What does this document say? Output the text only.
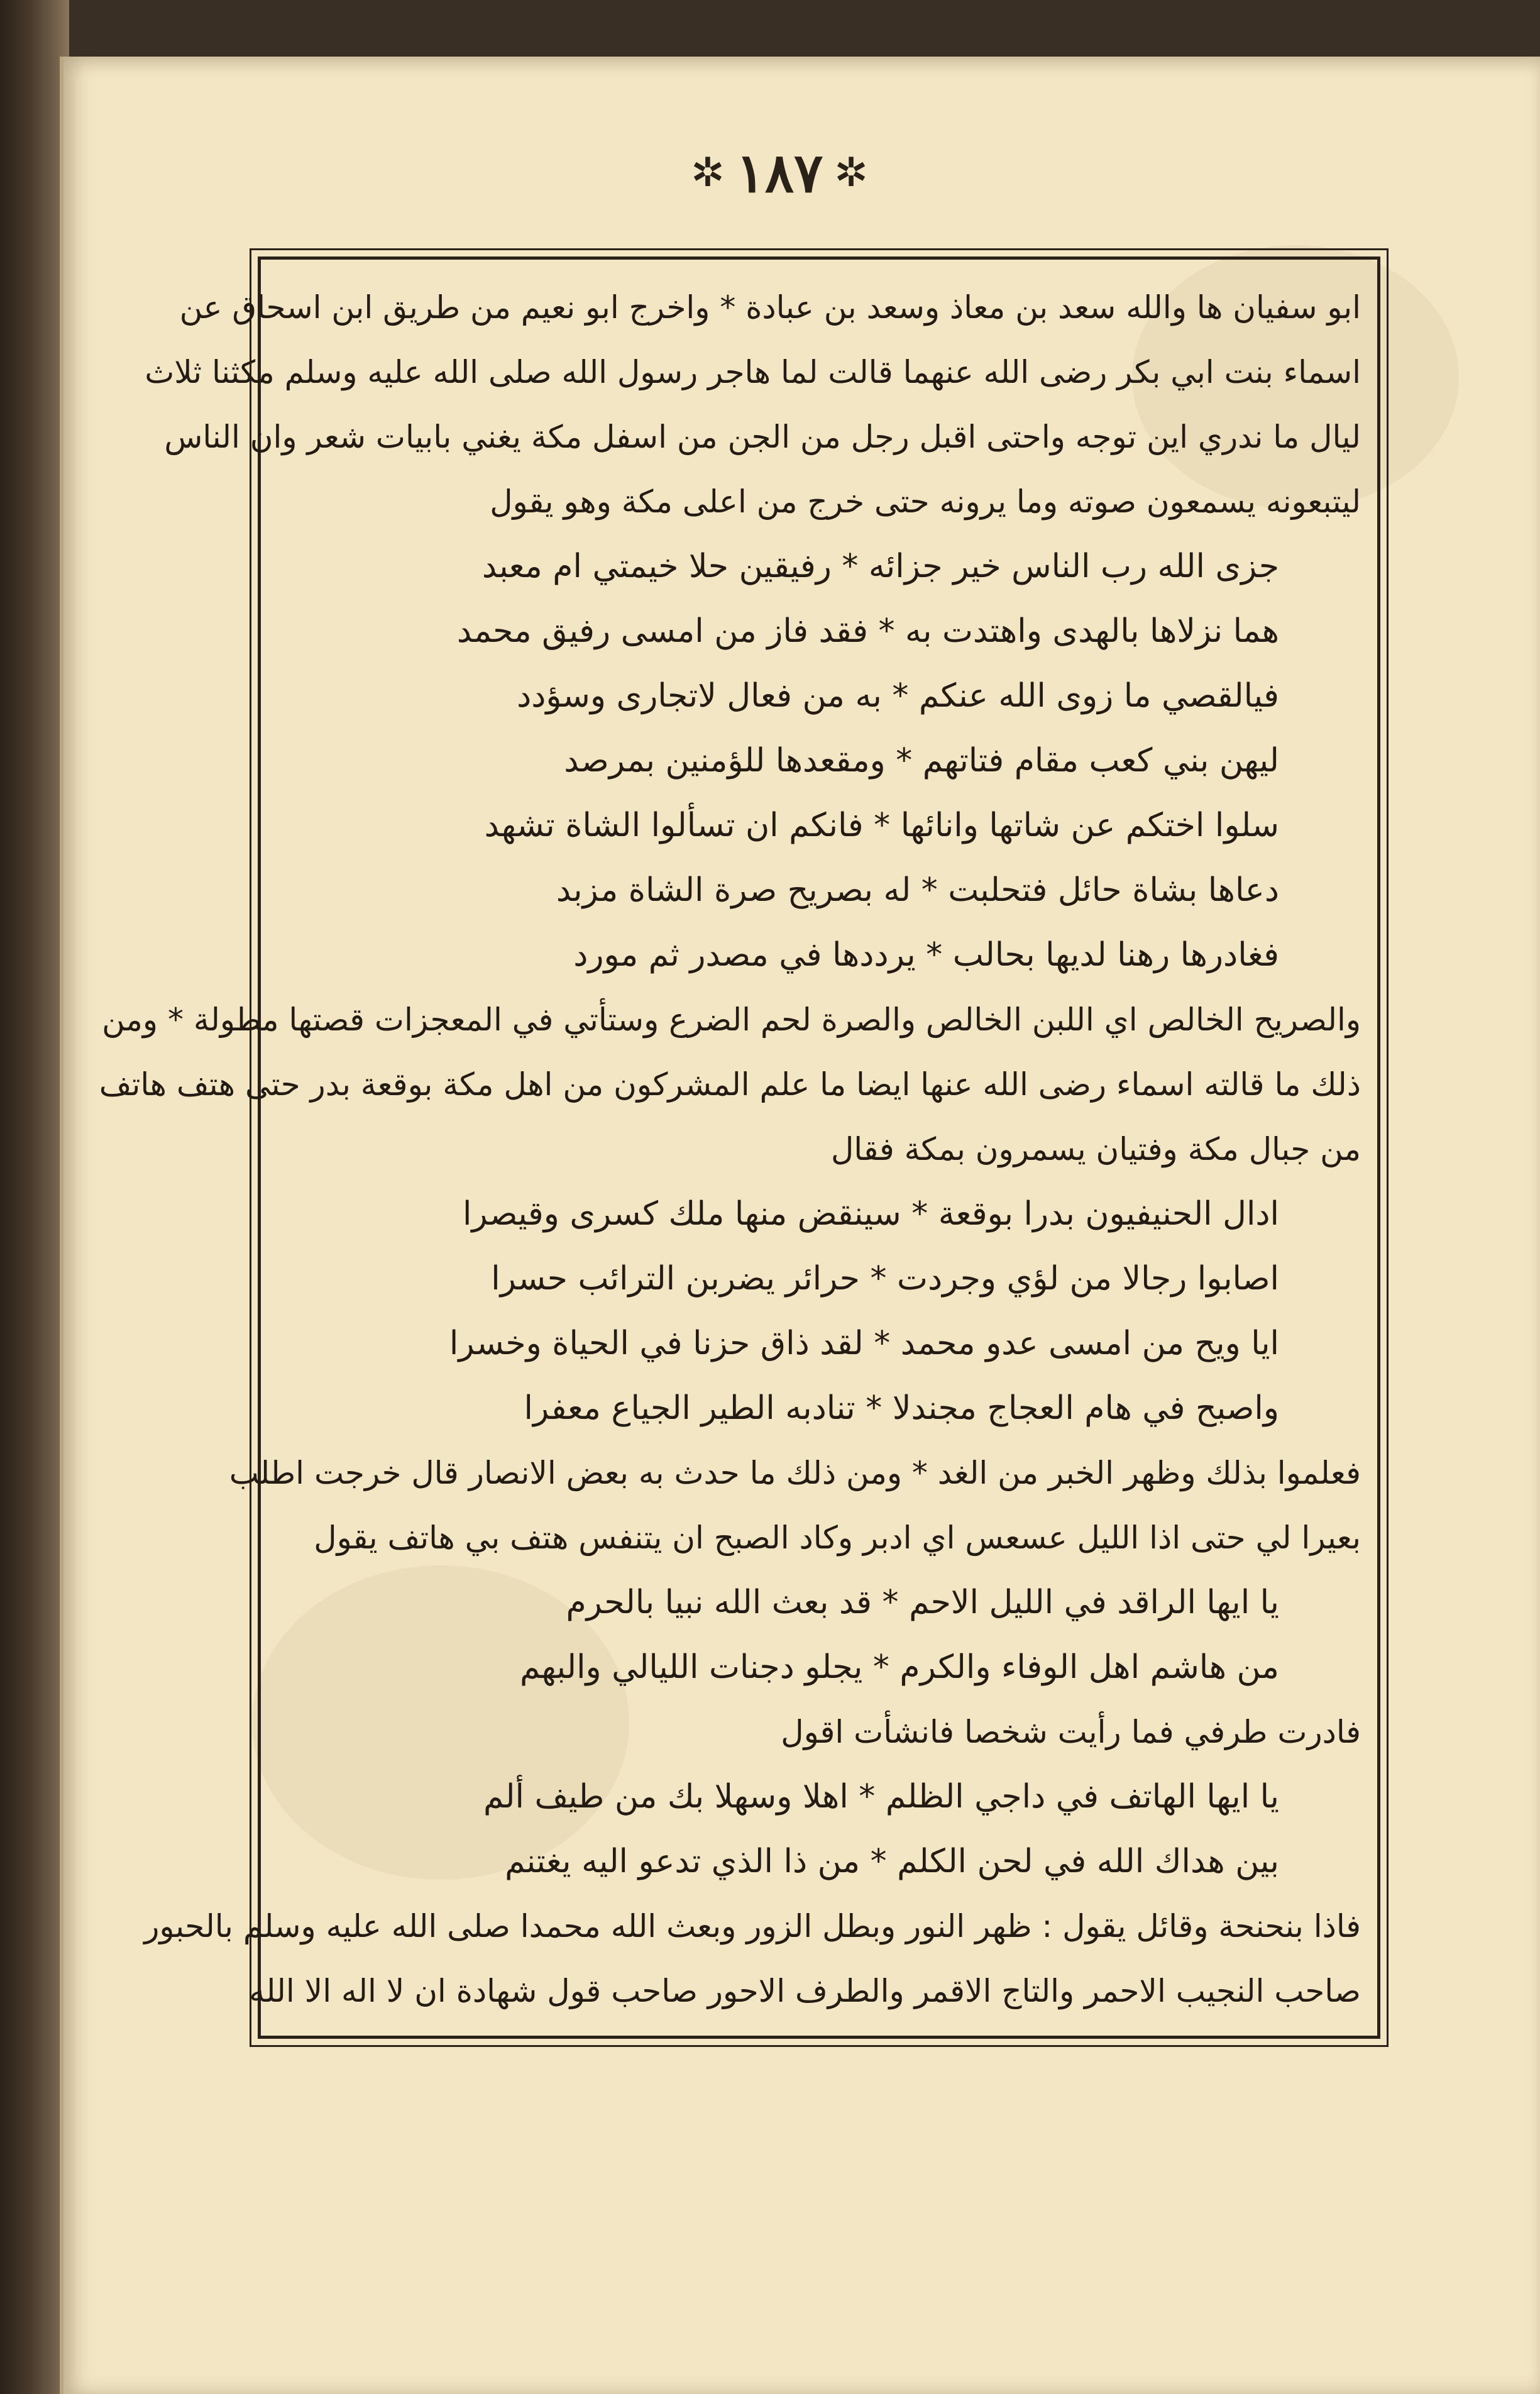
✲ ١٨٧ ✲
ابو سفيان ها والله سعد بن معاذ وسعد بن عبادة * واخرج ابو نعيم من طريق ابن اسحاق عن
اسماء بنت ابي بكر رضى الله عنهما قالت لما هاجر رسول الله صلى الله عليه وسلم مكثنا ثلاث
ليال ما ندري اين توجه واحتى اقبل رجل من الجن من اسفل مكة يغني بابيات شعر وان الناس
ليتبعونه يسمعون صوته وما يرونه حتى خرج من اعلى مكة وهو يقول
جزى الله رب الناس خير جزائه * رفيقين حلا خيمتي ام معبد
هما نزلاها بالهدى واهتدت به * فقد فاز من امسى رفيق محمد
فيالقصي ما زوى الله عنكم * به من فعال لاتجارى وسؤدد
ليهن بني كعب مقام فتاتهم * ومقعدها للؤمنين بمرصد
سلوا اختكم عن شاتها وانائها * فانكم ان تسألوا الشاة تشهد
دعاها بشاة حائل فتحلبت * له بصريح صرة الشاة مزبد
فغادرها رهنا لديها بحالب * يرددها في مصدر ثم مورد
والصريح الخالص اي اللبن الخالص والصرة لحم الضرع وستأتي في المعجزات قصتها مطولة * ومن
ذلك ما قالته اسماء رضى الله عنها ايضا ما علم المشركون من اهل مكة بوقعة بدر حتى هتف هاتف
من جبال مكة وفتيان يسمرون بمكة فقال
ادال الحنيفيون بدرا بوقعة * سينقض منها ملك كسرى وقيصرا
اصابوا رجالا من لؤي وجردت * حرائر يضربن الترائب حسرا
ايا ويح من امسى عدو محمد * لقد ذاق حزنا في الحياة وخسرا
واصبح في هام العجاج مجندلا * تنادبه الطير الجياع معفرا
فعلموا بذلك وظهر الخبر من الغد * ومن ذلك ما حدث به بعض الانصار قال خرجت اطلب
بعيرا لي حتى اذا الليل عسعس اي ادبر وكاد الصبح ان يتنفس هتف بي هاتف يقول
يا ايها الراقد في الليل الاحم * قد بعث الله نبيا بالحرم
من هاشم اهل الوفاء والكرم * يجلو دجنات الليالي والبهم
فادرت طرفي فما رأيت شخصا فانشأت اقول
يا ايها الهاتف في داجي الظلم * اهلا وسهلا بك من طيف ألم
بين هداك الله في لحن الكلم * من ذا الذي تدعو اليه يغتنم
فاذا بنحنحة وقائل يقول : ظهر النور وبطل الزور وبعث الله محمدا صلى الله عليه وسلم بالحبور
صاحب النجيب الاحمر والتاج الاقمر والطرف الاحور صاحب قول شهادة ان لا اله الا الله
